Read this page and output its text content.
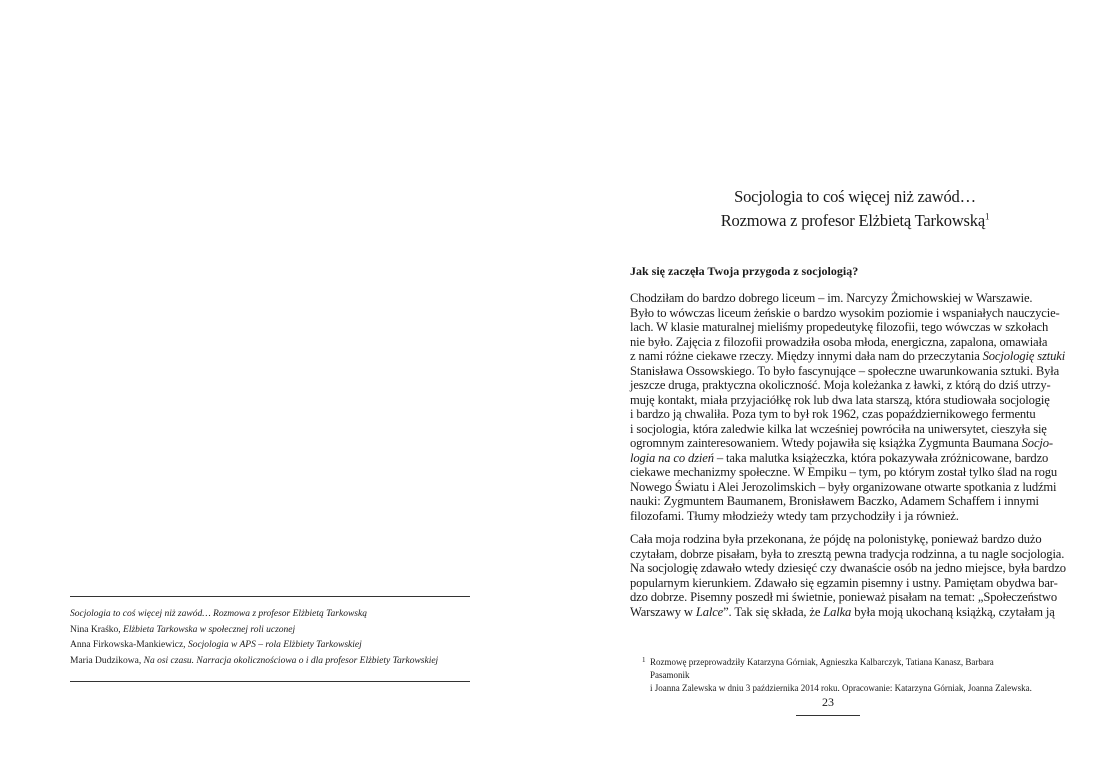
Socjologia to coś więcej niż zawód… Rozmowa z profesor Elżbietą Tarkowską
Nina Kraśko, Elżbieta Tarkowska w społecznej roli uczonej
Anna Firkowska-Mankiewicz, Socjologia w APS – rola Elżbiety Tarkowskiej
Maria Dudzikowa, Na osi czasu. Narracja okolicznościowa o i dla profesor Elżbiety Tarkowskiej
Socjologia to coś więcej niż zawód…
Rozmowa z profesor Elżbietą Tarkowską$^1$
Jak się zaczęła Twoja przygoda z socjologią?
Chodziłam do bardzo dobrego liceum – im. Narcyzy Żmichowskiej w Warszawie.
Było to wówczas liceum żeńskie o bardzo wysokim poziomie i wspaniałych nauczycie-
lach. W klasie maturalnej mieliśmy propedeutykę filozofii, tego wówczas w szkołach
nie było. Zajęcia z filozofii prowadziła osoba młoda, energiczna, zapalona, omawiała
z nami różne ciekawe rzeczy. Między innymi dała nam do przeczytania Socjologię sztuki
Stanisława Ossowskiego. To było fascynujące – społeczne uwarunkowania sztuki. Była
jeszcze druga, praktyczna okoliczność. Moja koleżanka z ławki, z którą do dziś utrzy-
muję kontakt, miała przyjaciółkę rok lub dwa lata starszą, która studiowała socjologię
i bardzo ją chwaliła. Poza tym to był rok 1962, czas popaździernikowego fermentu
i socjologia, która zaledwie kilka lat wcześniej powróciła na uniwersytet, cieszyła się
ogromnym zainteresowaniem. Wtedy pojawiła się książka Zygmunta Baumana Socjo-
logia na co dzień – taka malutka książeczka, która pokazywała zróżnicowane, bardzo
ciekawe mechanizmy społeczne. W Empiku – tym, po którym został tylko ślad na rogu
Nowego Światu i Alei Jerozolimskich – były organizowane otwarte spotkania z ludźmi
nauki: Zygmuntem Baumanem, Bronisławem Baczko, Adamem Schaffem i innymi
filozofami. Tłumy młodzieży wtedy tam przychodziły i ja również.
Cała moja rodzina była przekonana, że pójdę na polonistykę, ponieważ bardzo dużo
czytałam, dobrze pisałam, była to zresztą pewna tradycja rodzinna, a tu nagle socjologia.
Na socjologię zdawało wtedy dziesięć czy dwanaście osób na jedno miejsce, była bardzo
popularnym kierunkiem. Zdawało się egzamin pisemny i ustny. Pamiętam obydwa bar-
dzo dobrze. Pisemny poszedł mi świetnie, ponieważ pisałam na temat: „Społeczeństwo
Warszawy w Lalce”. Tak się składa, że Lalka była moją ukochaną książką, czytałam ją
1 Rozmowę przeprowadziły Katarzyna Górniak, Agnieszka Kalbarczyk, Tatiana Kanasz, Barbara Pasamonik
i Joanna Zalewska w dniu 3 października 2014 roku. Opracowanie: Katarzyna Górniak, Joanna Zalewska.
23
